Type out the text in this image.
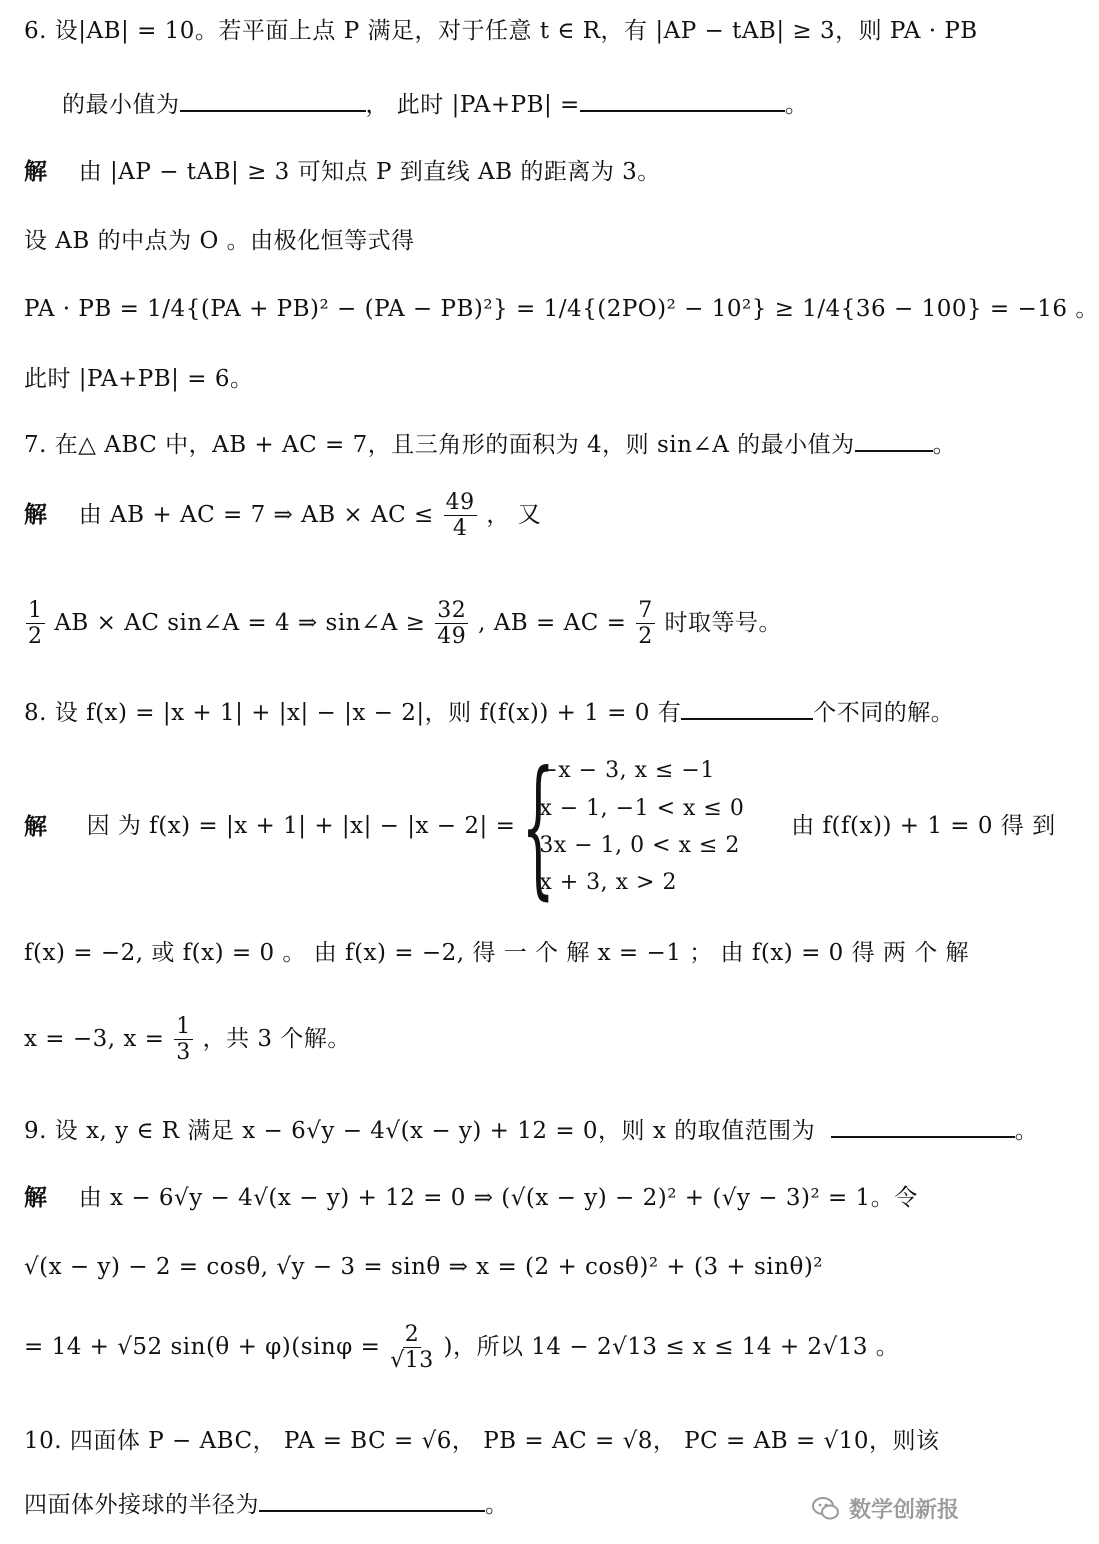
6. 设|AB| = 10。若平面上点 P 满足，对于任意 t ∈ R，有 |AP − tAB| ≥ 3，则 PA · PB
的最小值为	， 此时 |PA+PB| =	。
解 由 |AP − tAB| ≥ 3 可知点 P 到直线 AB 的距离为 3。
设 AB 的中点为 O 。由极化恒等式得
PA · PB = 1/4{(PA + PB)² − (PA − PB)²} = 1/4{(2PO)² − 10²} ≥ 1/4{36 − 100} = −16 。
此时 |PA+PB| = 6。
7. 在△ ABC 中，AB + AC = 7，且三角形的面积为 4，则 sin∠A 的最小值为	。
解 由 AB + AC = 7 ⇒ AB × AC ≤ $\frac{49}{4}$ ， 又
$\frac{1}{2}$ AB × AC sin∠A = 4 ⇒ sin∠A ≥ $\frac{32}{49}$ , AB = AC = $\frac{7}{2}$ 时取等号。
8. 设 f(x) = |x + 1| + |x| − |x − 2|，则 f(f(x)) + 1 = 0 有	个不同的解。
解
因 为 f(x) = |x + 1| + |x| − |x − 2| = {
−x − 3, x ≤ −1
x − 1, −1 < x ≤ 0
3x − 1, 0 < x ≤ 2
x + 3, x > 2

由 f(f(x)) + 1 = 0 得 到
f(x) = −2, 或 f(x) = 0 。 由 f(x) = −2, 得 一 个 解 x = −1 ； 由 f(x) = 0 得 两 个 解
x = −3, $x = \frac{1}{3}$ ，共 3 个解。
9. 设 x, y ∈ R 满足 x − 6√y − 4√(x − y) + 12 = 0，则 x 的取值范围为	。
解 由 x − 6√y − 4√(x − y) + 12 = 0 ⇒ (√(x − y) − 2)² + (√y − 3)² = 1。令
√(x − y) − 2 = cosθ, √y − 3 = sinθ ⇒ x = (2 + cosθ)² + (3 + sinθ)²
= 14 + √52 $\sin(\theta + \varphi)(\sin\varphi = \frac{2}{√13}$ )，所以 14 − 2√13 ≤ x ≤ 14 + 2√13 。
10. 四面体 P − ABC， PA = BC = √6， PB = AC = √8， PC = AB = √10，则该
四面体外接球的半径为	。	数学创新报
